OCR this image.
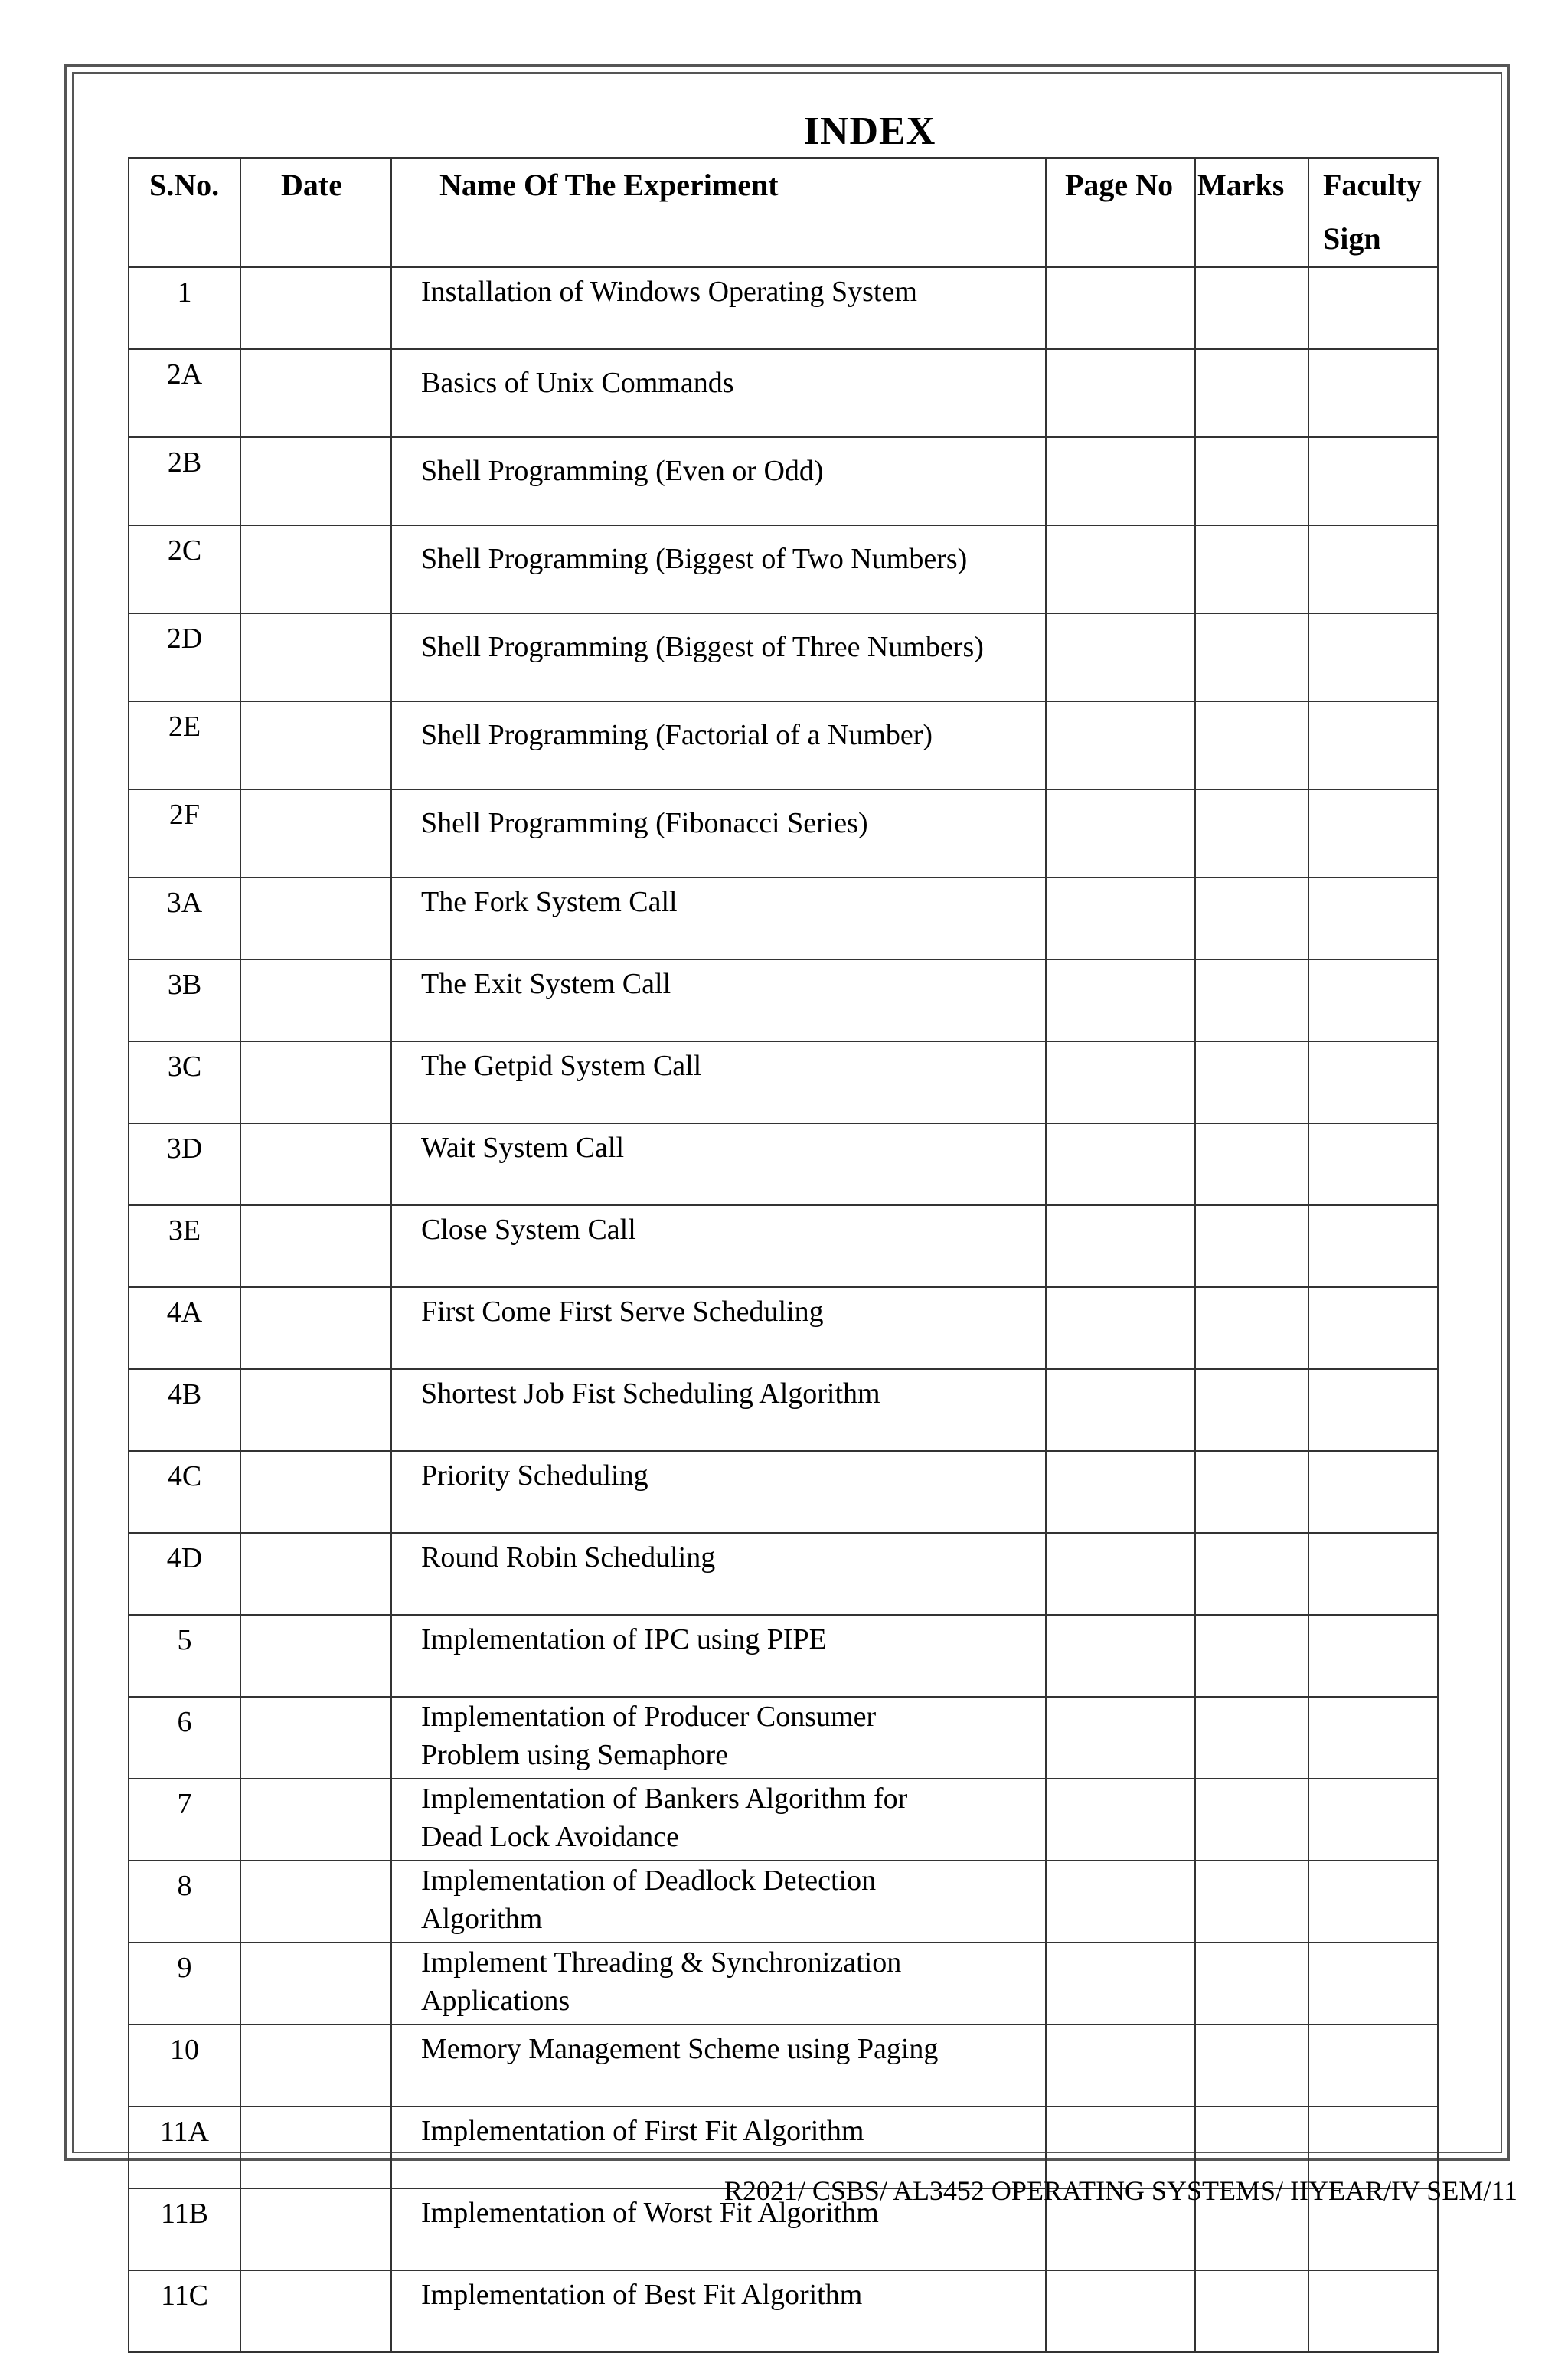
INDEX
S.No.	Date	Name Of The Experiment	Page No	Marks	Faculty
Sign
1		Installation of Windows Operating System			
2A		Basics of Unix Commands			
2B		Shell Programming (Even or Odd)			
2C		Shell Programming (Biggest of Two Numbers)			
2D		Shell Programming (Biggest of Three Numbers)			
2E		Shell Programming (Factorial of a Number)			
2F		Shell Programming (Fibonacci Series)			
3A		The Fork System Call			
3B		The Exit System Call			
3C		The Getpid System Call			
3D		Wait System Call			
3E		Close System Call			
4A		First Come First Serve Scheduling			
4B		Shortest Job Fist Scheduling Algorithm			
4C		Priority Scheduling			
4D		Round Robin Scheduling			
5		Implementation of IPC using PIPE			
6		Implementation of Producer Consumer
Problem using Semaphore			
7		Implementation of Bankers Algorithm for
Dead Lock Avoidance			
8		Implementation of Deadlock Detection
Algorithm			
9		Implement Threading & Synchronization
Applications			
10		Memory Management Scheme using Paging			
11A		Implementation of First Fit Algorithm			
11B		Implementation of Worst Fit Algorithm			
11C		Implementation of Best Fit Algorithm			
R2021/ CSBS/ AL3452 OPERATING SYSTEMS/ IIYEAR/IV SEM/11
